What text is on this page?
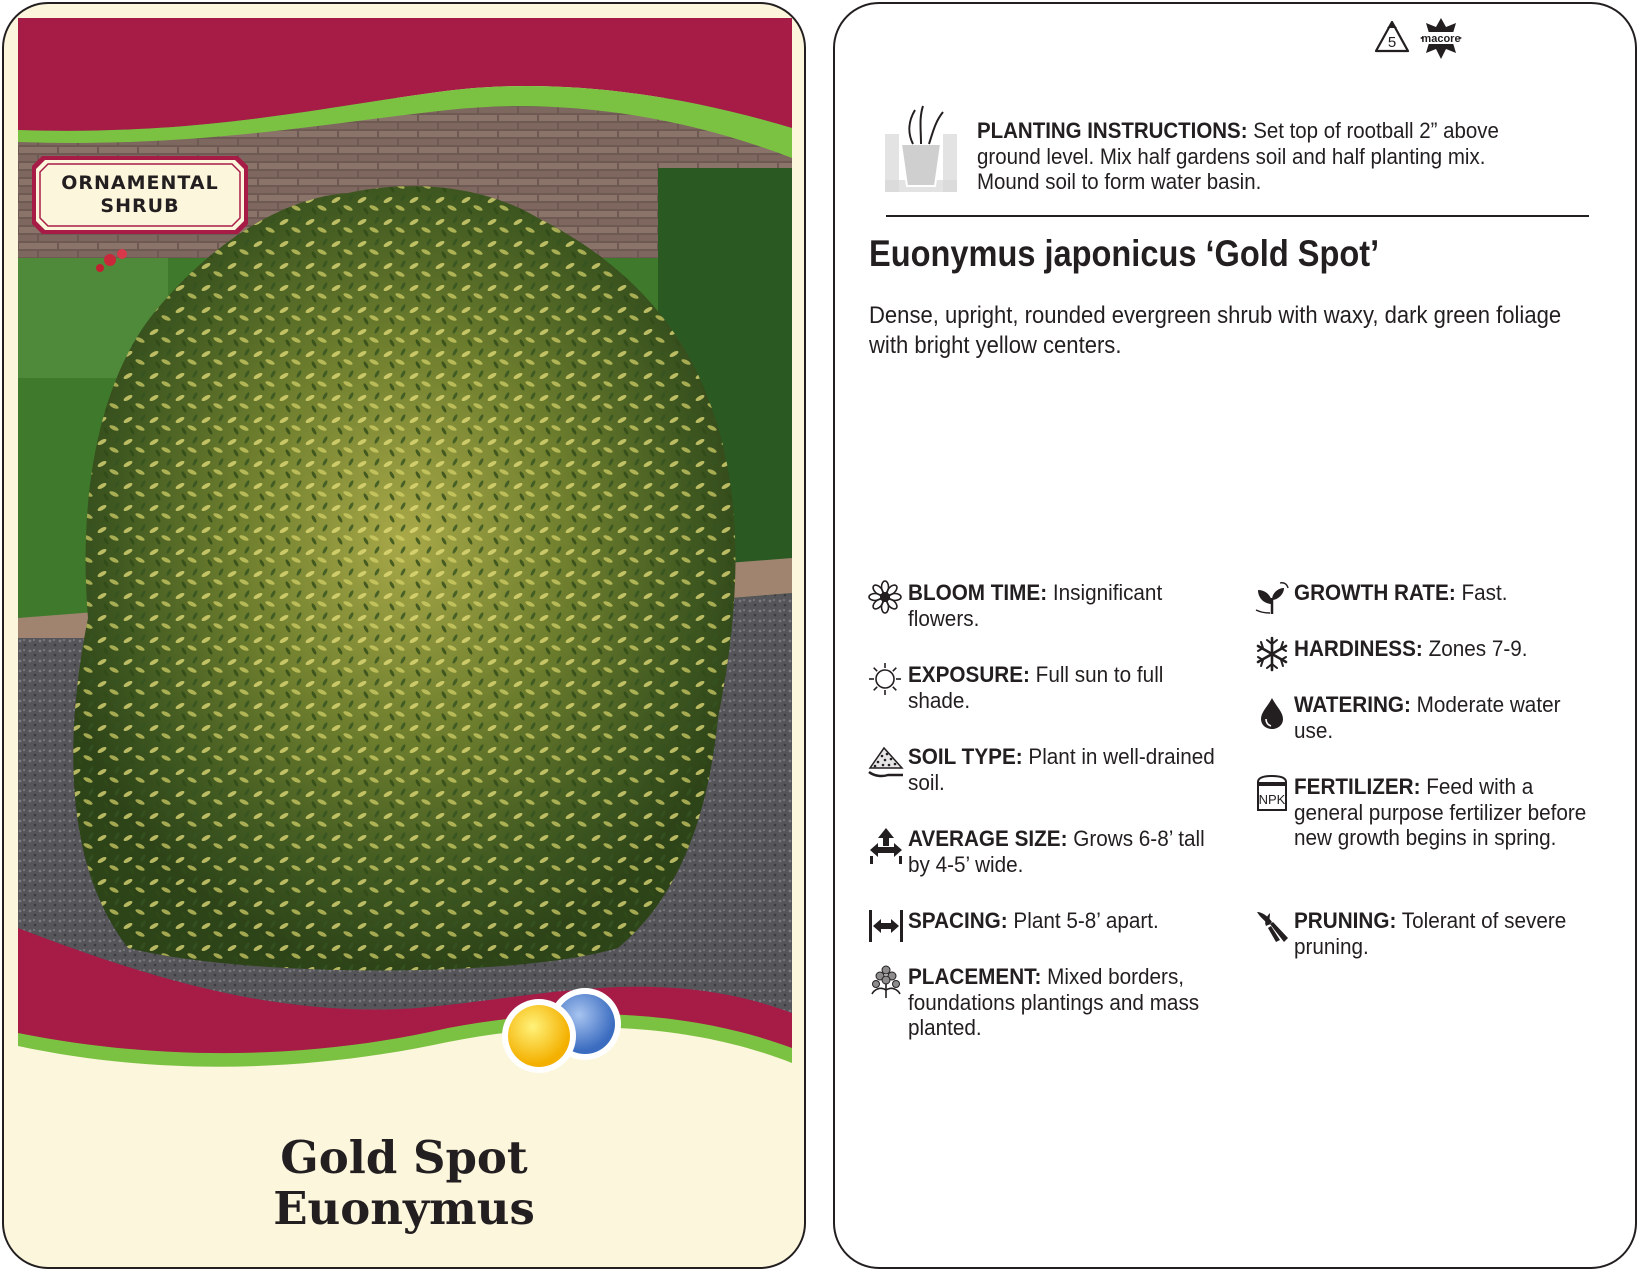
ORNAMENTAL
SHRUB
Gold Spot
Euonymus
5	macore
PLANTING INSTRUCTIONS: Set top of rootball 2” above ground level. Mix half gardens soil and half planting mix. Mound soil to form water basin.
Euonymus japonicus ‘Gold Spot’
Dense, upright, rounded evergreen shrub with waxy, dark green foliage with bright yellow centers.
BLOOM TIME: Insignificant flowers.
EXPOSURE: Full sun to full shade.
SOIL TYPE: Plant in well-drained soil.
AVERAGE SIZE: Grows 6-8’ tall by 4-5’ wide.
SPACING: Plant 5-8’ apart.
PLACEMENT: Mixed borders, foundations plantings and mass planted.
GROWTH RATE: Fast.
HARDINESS: Zones 7-9.
WATERING: Moderate water use.
NPK
FERTILIZER: Feed with a general purpose fertilizer before new growth begins in spring.
PRUNING: Tolerant of severe pruning.
